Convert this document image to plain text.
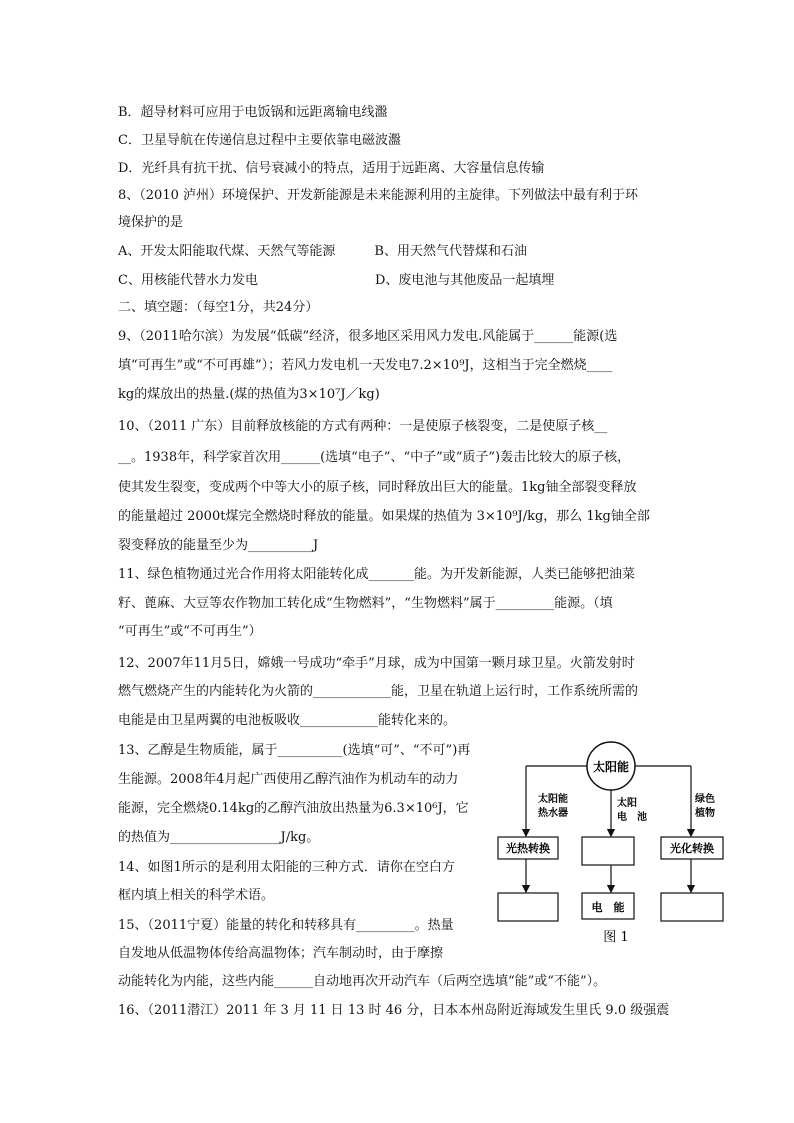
B．超导材料可应用于电饭锅和远距离输电线瀊
C．卫星导航在传递信息过程中主要依靠电磁波瀊
D．光纤具有抗干扰、信号衰减小的特点，适用于远距离、大容量信息传输
8、（2010 泸州）环境保护、开发新能源是未来能源利用的主旋律。下列做法中最有利于环
境保护的是
A、开发太阳能取代煤、天然气等能源　　　B、用天然气代替煤和石油
C、用核能代替水力发电　　　　　　　　　D、废电池与其他废品一起填埋
二、填空题：（每空1分，共24分）
9、（2011哈尔滨）为发展“低碳”经济，很多地区采用风力发电.风能属于______能源(选
填“可再生”或“不可再雄”）；若风力发电机一天发电7.2×10⁹J，这相当于完全燃烧____
kg的煤放出的热量.(煤的热值为3×10⁷J／kg)
10、（2011 广东）目前释放核能的方式有两种：一是使原子核裂变，二是使原子核__
__。1938年，科学家首次用______(选填“电子”、“中子”或“质子”)轰击比较大的原子核，
使其发生裂变，变成两个中等大小的原子核，同时释放出巨大的能量。1kg铀全部裂变释放
的能量超过 2000t煤完全燃烧时释放的能量。如果煤的热值为 3×10⁹J/kg，那么 1kg铀全部
裂变释放的能量至少为__________J
11、绿色植物通过光合作用将太阳能转化成_______能。为开发新能源，人类已能够把油菜
籽、蓖麻、大豆等农作物加工转化成“生物燃料”，“生物燃料”属于_________能源。（填
“可再生”或“不可再生”）
12、2007年11月5日，嫦娥一号成功“牵手”月球，成为中国第一颗月球卫星。火箭发射时
燃气燃烧产生的内能转化为火箭的____________能，卫星在轨道上运行时，工作系统所需的
电能是由卫星两翼的电池板吸收____________能转化来的。
13、乙醇是生物质能，属于__________(选填“可”、“不可”)再
生能源。2008年4月起广西使用乙醇汽油作为机动车的动力
能源，完全燃烧0.14kg的乙醇汽油放出热量为6.3×10⁶J，它
的热值为_________________J/kg。
14、如图1所示的是利用太阳能的三种方式．请你在空白方
框内填上相关的科学术语。
15、（2011宁夏）能量的转化和转移具有_________。热量
自发地从低温物体传给高温物体；汽车制动时，由于摩擦
动能转化为内能，这些内能______自动地再次开动汽车（后两空选填“能”或“不能”）。
16、（2011潜江）2011 年 3 月 11 日 13 时 46 分，日本本州岛附近海域发生里氏 9.0 级强震
太阳能
太阳能
热水器
光热转换
太阳
电　池
电　能
绿色
植物
光化转换
图 1
